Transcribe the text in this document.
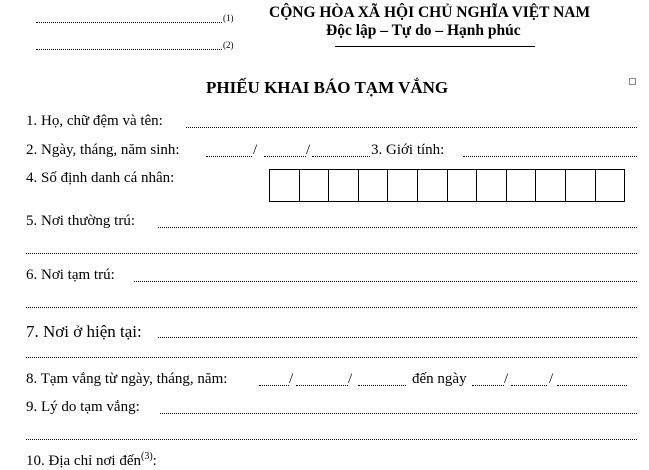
(1)
(2)
CỘNG HÒA XÃ HỘI CHỦ NGHĨA VIỆT NAM
Độc lập – Tự do – Hạnh phúc
PHIẾU KHAI BÁO TẠM VẮNG
1. Họ, chữ đệm và tên:
2. Ngày, tháng, năm sinh:	/	/	3. Giới tính:
4. Số định danh cá nhân:
5. Nơi thường trú:
6. Nơi tạm trú:
7. Nơi ở hiện tại:
8. Tạm vắng từ ngày, tháng, năm:	/	/	đến ngày /	/
9. Lý do tạm vắng:
10. Địa chỉ nơi đến$^{(3)}$:
